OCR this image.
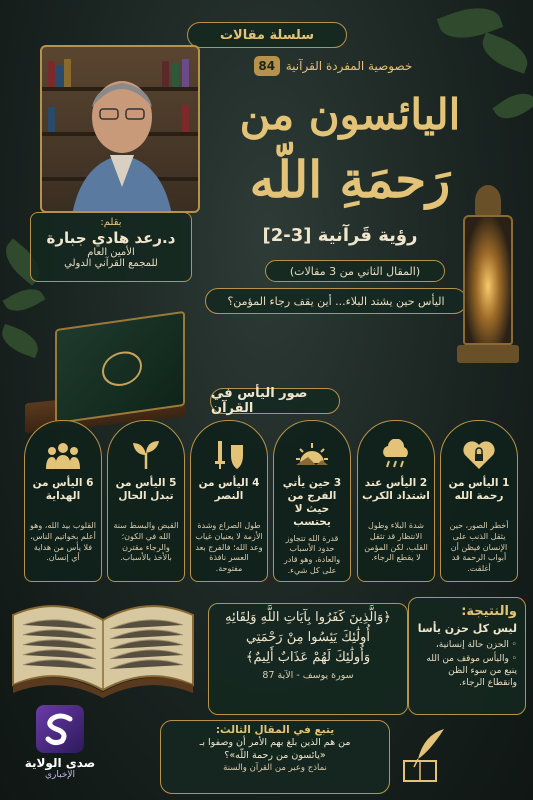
سلسلة مقالات
خصوصية المفردة القرآنية
84
اليائسون من
رَحمَةِ اللّه
رؤية قَرآنية [3-2]
(المقال الثاني من 3 مقالات)
اليأس حين يشتد البلاء... أين يقف رجاء المؤمن؟
بقلم:
د.رعد هادي جبارة
الأمين العام
للمجمع القرآني الدولي
صور اليأس في القرآن
1 اليأس من رحمة الله
أخطر الصور، حين يثقل الذنب على الإنسان فيظن أن أبواب الرحمة قد أغلقت.
2 اليأس عند اشتداد الكرب
شدة البلاء وطول الانتظار قد تثقل القلب، لكن المؤمن لا يقطع الرجاء.
3 حين يأتي الفرج من حيث لا يحتسب
قدرة الله تتجاوز حدود الأسباب والعادة، وهو قادر على كل شيء.
4 اليأس من النصر
طول الصراع وشدة الأزمة لا يعنيان غياب وعد الله؛ فالفرج بعد العسر نافذة مفتوحة.
5 اليأس من تبدل الحال
القبض والبسط سنة الله في الكون؛ والرجاء مقترن بالأخذ بالأسباب.
6 اليأس من الهداية
القلوب بيد الله، وهو أعلم بخواتيم الناس، فلا يأس من هداية أي إنسان.
﴿وَالَّذِينَ كَفَرُوا بِآيَاتِ اللَّهِ وَلِقَائِهِ
أُولَٰئِكَ يَئِسُوا مِنْ رَحْمَتِي
وَأُولَٰئِكَ لَهُمْ عَذَابٌ أَلِيمٌ﴾
سورة يوسف - الآية 87
والنتيجة:
ليس كل حزن يأسا
◦ الحزن حالة إنسانية،
◦ واليأس موقف من الله ينبع من سوء الظن وانقطاع الرجاء.
صدى الولاية
الإخباري
يتبع في المقال الثالث:
من هم الذين بلغ بهم الأمر أن وصفوا بـ
«يائسون من رحمة اللّه»؟
نماذج وعبر من القرآن والسنة
